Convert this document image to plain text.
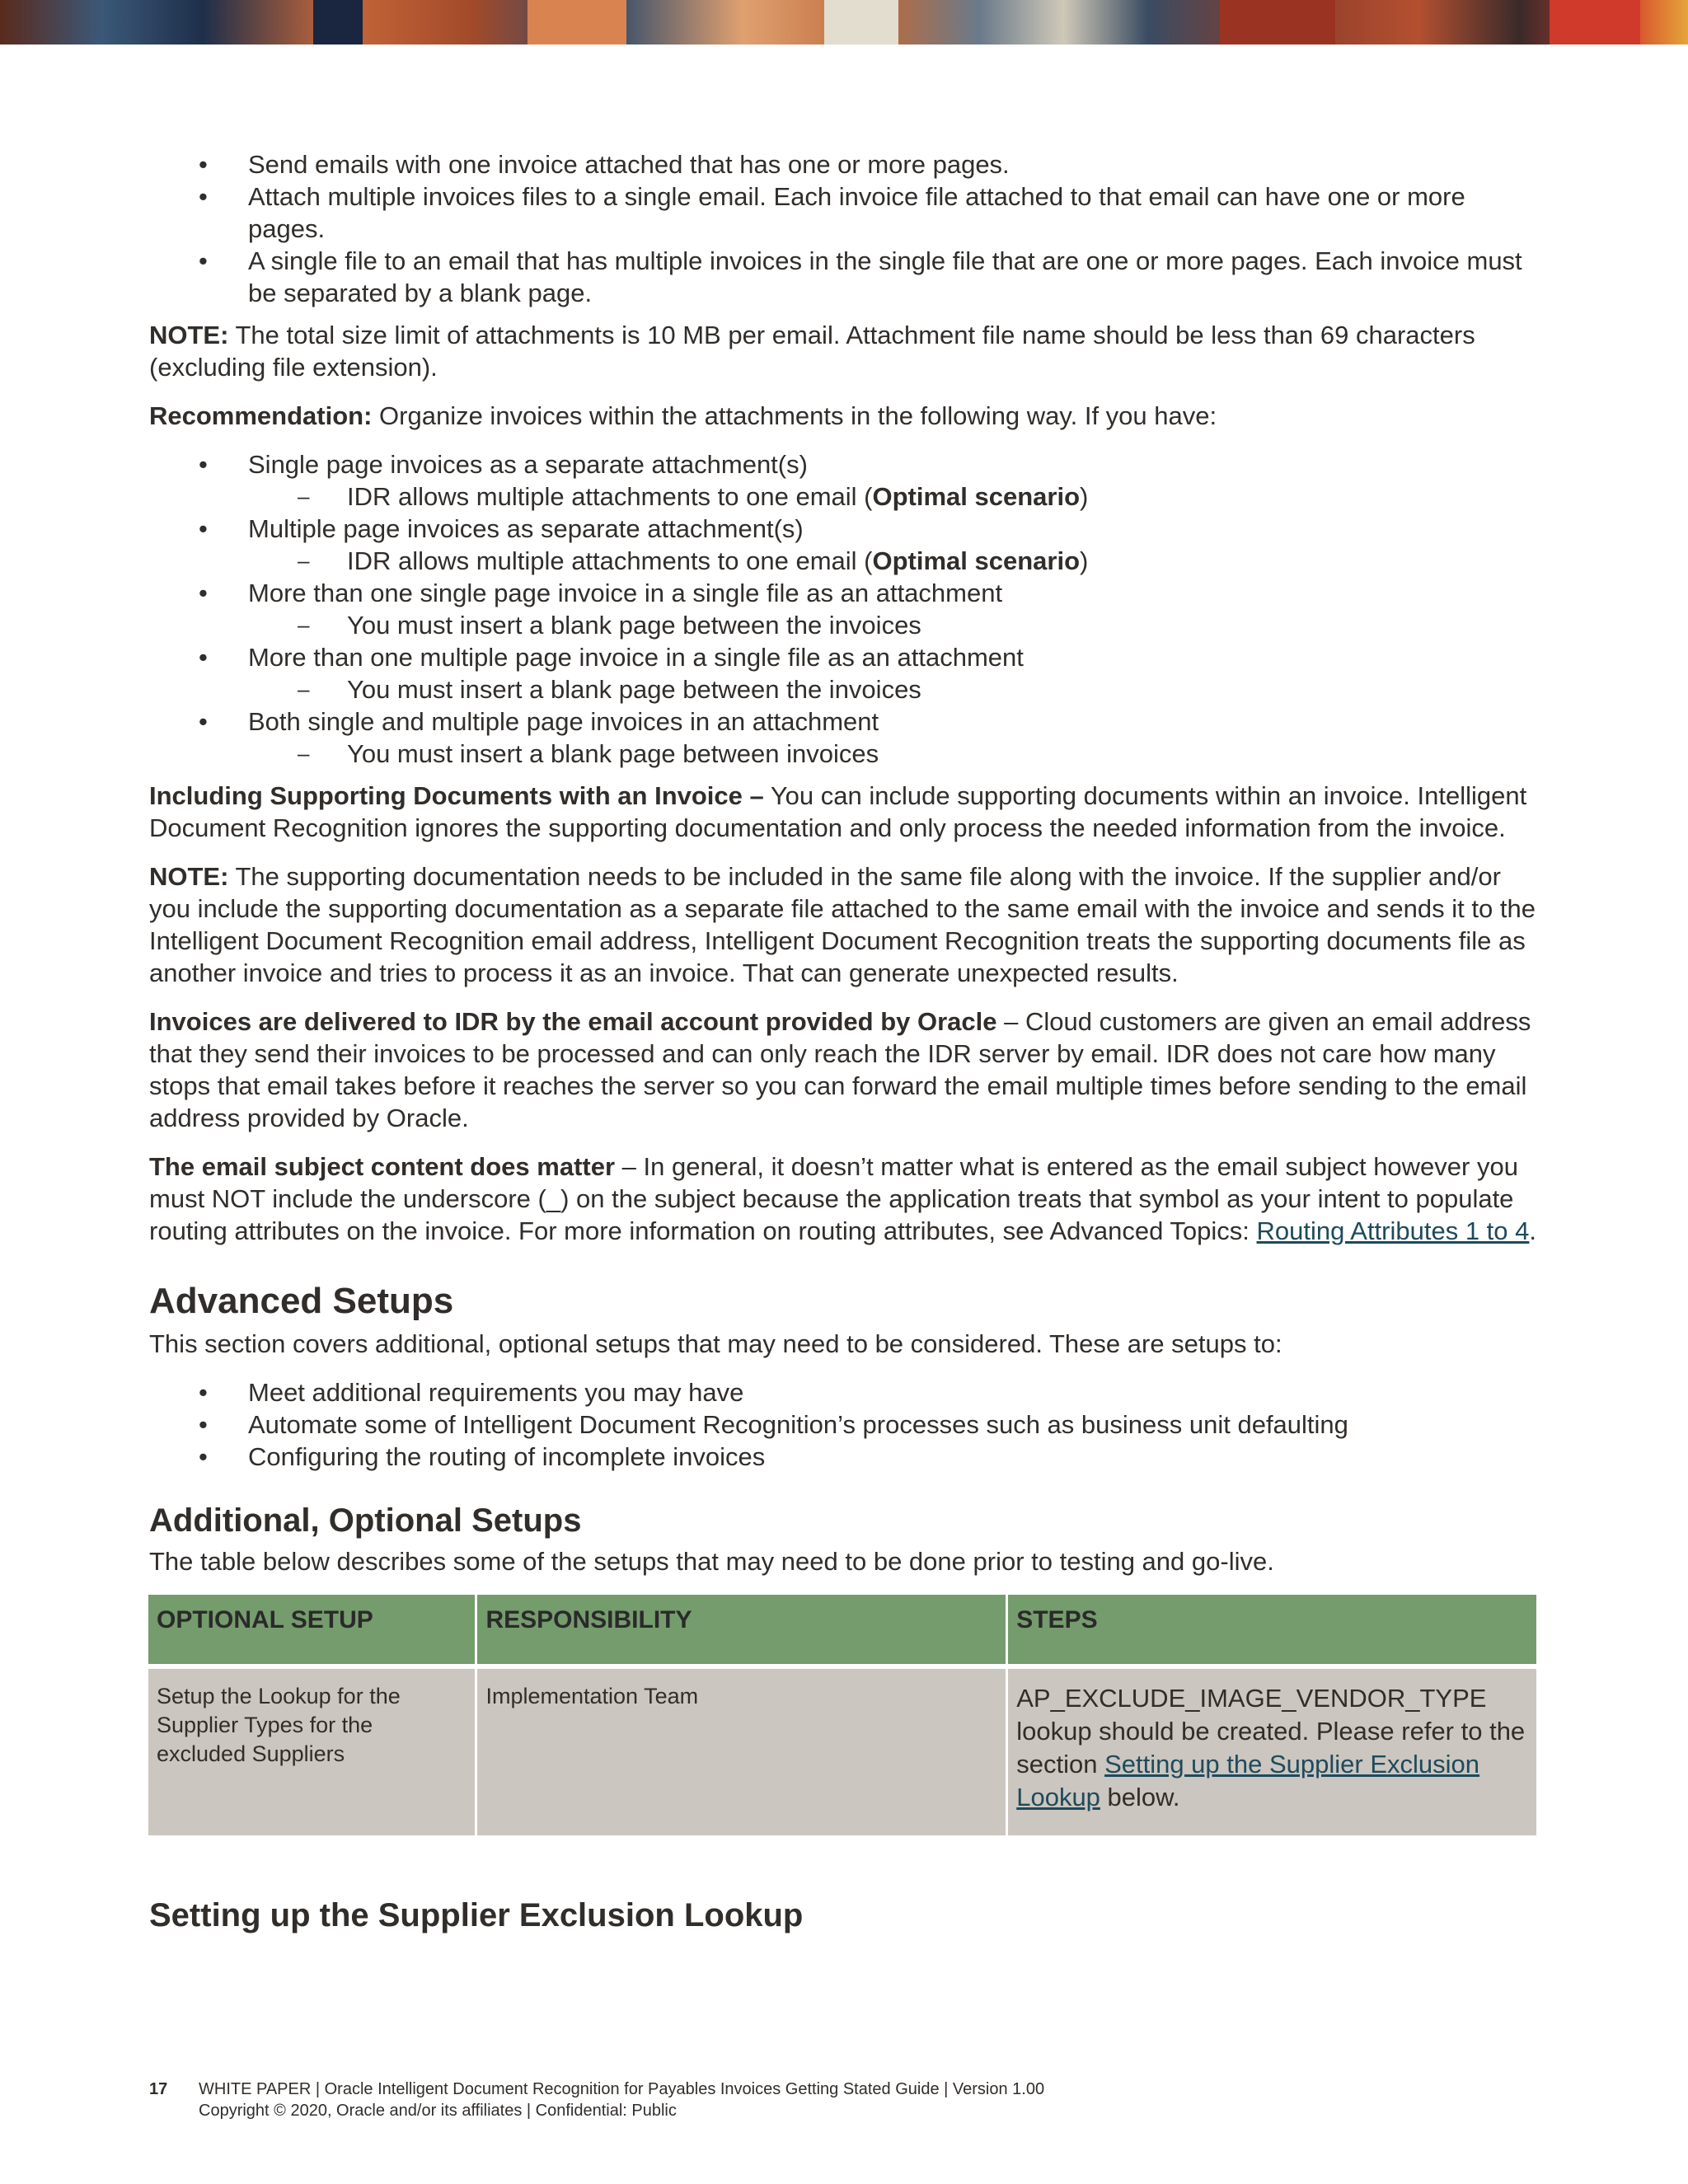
• Send emails with one invoice attached that has one or more pages.
• Attach multiple invoices files to a single email. Each invoice file attached to that email can have one or more pages.
• A single file to an email that has multiple invoices in the single file that are one or more pages. Each invoice must be separated by a blank page.

NOTE: The total size limit of attachments is 10 MB per email. Attachment file name should be less than 69 characters (excluding file extension).

Recommendation: Organize invoices within the attachments in the following way. If you have:

• Single page invoices as a separate attachment(s)
– IDR allows multiple attachments to one email (Optimal scenario)
• Multiple page invoices as separate attachment(s)
– IDR allows multiple attachments to one email (Optimal scenario)
• More than one single page invoice in a single file as an attachment
– You must insert a blank page between the invoices
• More than one multiple page invoice in a single file as an attachment
– You must insert a blank page between the invoices
• Both single and multiple page invoices in an attachment
– You must insert a blank page between invoices

Including Supporting Documents with an Invoice – You can include supporting documents within an invoice. Intelligent Document Recognition ignores the supporting documentation and only process the needed information from the invoice.

NOTE: The supporting documentation needs to be included in the same file along with the invoice. If the supplier and/or you include the supporting documentation as a separate file attached to the same email with the invoice and sends it to the Intelligent Document Recognition email address, Intelligent Document Recognition treats the supporting documents file as another invoice and tries to process it as an invoice. That can generate unexpected results.

Invoices are delivered to IDR by the email account provided by Oracle – Cloud customers are given an email address that they send their invoices to be processed and can only reach the IDR server by email. IDR does not care how many stops that email takes before it reaches the server so you can forward the email multiple times before sending to the email address provided by Oracle.

The email subject content does matter – In general, it doesn’t matter what is entered as the email subject however you must NOT include the underscore (_) on the subject because the application treats that symbol as your intent to populate routing attributes on the invoice. For more information on routing attributes, see Advanced Topics: Routing Attributes 1 to 4.

Advanced Setups

This section covers additional, optional setups that may need to be considered. These are setups to:

• Meet additional requirements you may have
• Automate some of Intelligent Document Recognition’s processes such as business unit defaulting
• Configuring the routing of incomplete invoices
Additional, Optional Setups

The table below describes some of the setups that may need to be done prior to testing and go-live.

OPTIONAL SETUP	RESPONSIBILITY	STEPS
Setup the Lookup for the Supplier Types for the excluded Suppliers	Implementation Team	AP_EXCLUDE_IMAGE_VENDOR_TYPE lookup should be created. Please refer to the section Setting up the Supplier Exclusion Lookup below.
Setting up the Supplier Exclusion Lookup
17 WHITE PAPER | Oracle Intelligent Document Recognition for Payables Invoices Getting Stated Guide | Version 1.00
Copyright © 2020, Oracle and/or its affiliates | Confidential: Public
